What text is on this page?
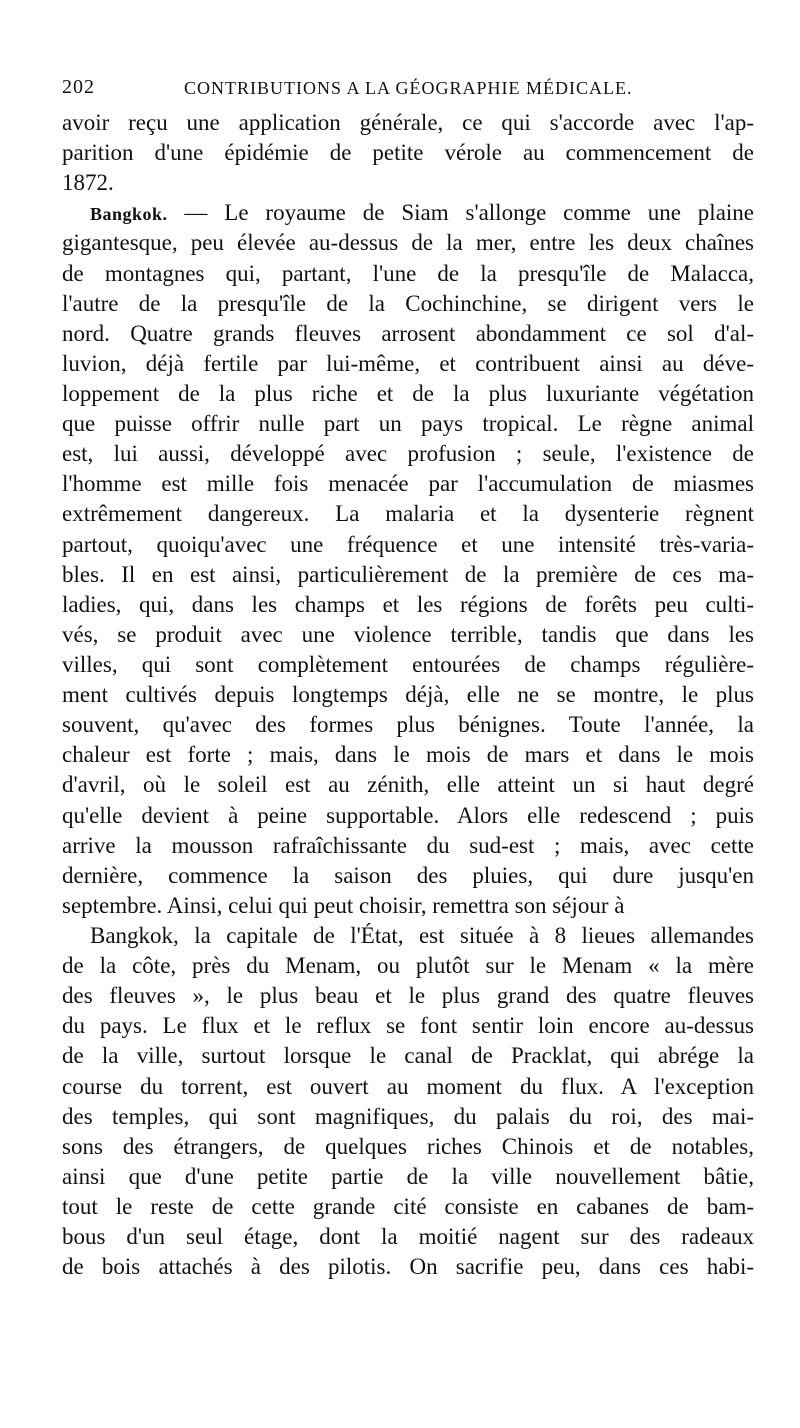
202	CONTRIBUTIONS A LA GÉOGRAPHIE MÉDICALE.
avoir reçu une application générale, ce qui s'accorde avec l'ap-
parition d'une épidémie de petite vérole au commencement de
1872.
Bangkok. — Le royaume de Siam s'allonge comme une plaine
gigantesque, peu élevée au-dessus de la mer, entre les deux chaînes
de montagnes qui, partant, l'une de la presqu'île de Malacca,
l'autre de la presqu'île de la Cochinchine, se dirigent vers le
nord. Quatre grands fleuves arrosent abondamment ce sol d'al-
luvion, déjà fertile par lui-même, et contribuent ainsi au déve-
loppement de la plus riche et de la plus luxuriante végétation
que puisse offrir nulle part un pays tropical. Le règne animal
est, lui aussi, développé avec profusion ; seule, l'existence de
l'homme est mille fois menacée par l'accumulation de miasmes
extrêmement dangereux. La malaria et la dysenterie règnent
partout, quoiqu'avec une fréquence et une intensité très-varia-
bles. Il en est ainsi, particulièrement de la première de ces ma-
ladies, qui, dans les champs et les régions de forêts peu culti-
vés, se produit avec une violence terrible, tandis que dans les
villes, qui sont complètement entourées de champs régulière-
ment cultivés depuis longtemps déjà, elle ne se montre, le plus
souvent, qu'avec des formes plus bénignes. Toute l'année, la
chaleur est forte ; mais, dans le mois de mars et dans le mois
d'avril, où le soleil est au zénith, elle atteint un si haut degré
qu'elle devient à peine supportable. Alors elle redescend ; puis
arrive la mousson rafraîchissante du sud-est ; mais, avec cette
dernière, commence la saison des pluies, qui dure jusqu'en
septembre. Ainsi, celui qui peut choisir, remettra son séjour à
Bangkok, la capitale de l'État, est située à 8 lieues allemandes
de la côte, près du Menam, ou plutôt sur le Menam « la mère
des fleuves », le plus beau et le plus grand des quatre fleuves
du pays. Le flux et le reflux se font sentir loin encore au-dessus
de la ville, surtout lorsque le canal de Pracklat, qui abrége la
course du torrent, est ouvert au moment du flux. A l'exception
des temples, qui sont magnifiques, du palais du roi, des mai-
sons des étrangers, de quelques riches Chinois et de notables,
ainsi que d'une petite partie de la ville nouvellement bâtie,
tout le reste de cette grande cité consiste en cabanes de bam-
bous d'un seul étage, dont la moitié nagent sur des radeaux
de bois attachés à des pilotis. On sacrifie peu, dans ces habi-
